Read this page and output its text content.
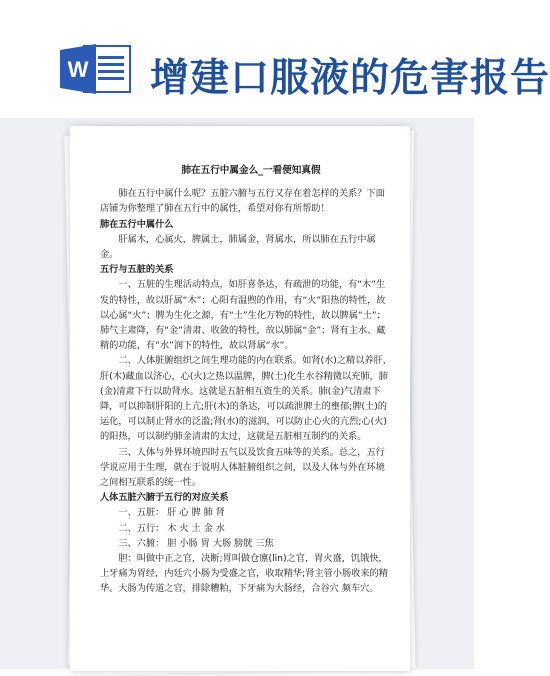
W 增建口服液的危害报告
肺在五行中属金么_一看便知真假

肺在五行中属什么呢？五脏六腑与五行又存在着怎样的关系？下面店铺为你整理了肺在五行中的属性，希望对你有所帮助！

肺在五行中属什么

肝属木，心属火，脾属土，肺属金，肾属水，所以肺在五行中属金。

五行与五脏的关系

一、五脏的生理活动特点，如肝喜条达，有疏泄的功能，有“木”生发的特性，故以肝属“木”；心阳有温煦的作用，有“火”阳热的特性，故以心属“火”；脾为生化之源，有“土”生化万物的特性，故以脾属“土”；肺气主肃降，有“金”清肃、收敛的特性，故以肺属“金”；肾有主水、藏精的功能，有“水”润下的特性，故以肾属“水”。

二、人体脏腑组织之间生理功能的内在联系。如肾(水)之精以养肝，肝(木)藏血以济心，心(火)之热以温脾，脾(土)化生水谷精微以充肺，肺(金)清肃下行以助肾水。这就是五脏相互资生的关系。肺(金)气清肃下降，可以抑制肝阳的上亢;肝(木)的条达，可以疏泄脾土的壅郁;脾(土)的运化，可以制止肾水的泛滥;肾(水)的滋润，可以防止心火的亢烈;心(火)的阳热，可以制约肺金清肃的太过，这就是五脏相互制约的关系。

三、人体与外界环境四时五气以及饮食五味等的关系。总之，五行学说应用于生理，就在于说明人体脏腑组织之间，以及人体与外在环境之间相互联系的统一性。

人体五脏六腑于五行的对应关系

一、五脏： 肝 心 脾 肺 肾

二、五行： 木 火 土 金 水

三、六腑： 胆 小肠 胃 大肠 膀胱 三焦

胆：叫做中正之官，决断;胃叫做仓廪(lin)之官，胃火盛，饥饿快，上牙痛为胃经，内廷穴小肠为受盛之官，收取精华;肾主管小肠收来的精华。大肠为传道之官，排除糟粕，下牙痛为大肠经，合谷穴 频车穴。
